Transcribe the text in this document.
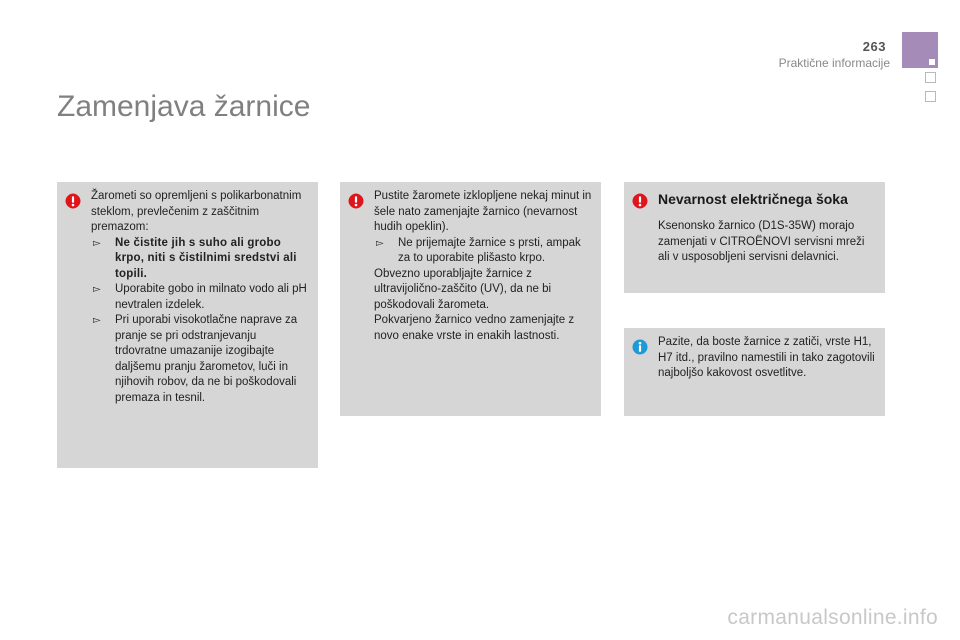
263
Praktične informacije
Zamenjava žarnice
Žarometi so opremljeni s polikarbonatnim steklom, prevlečenim z zaščitnim premazom:
▻ Ne čistite jih s suho ali grobo krpo, niti s čistilnimi sredstvi ali topili.
▻ Uporabite gobo in milnato vodo ali pH nevtralen izdelek.
▻ Pri uporabi visokotlačne naprave za pranje se pri odstranjevanju trdovratne umazanije izogibajte daljšemu pranju žarometov, luči in njihovih robov, da ne bi poškodovali premaza in tesnil.
Pustite žaromete izklopljene nekaj minut in šele nato zamenjajte žarnico (nevarnost hudih opeklin).
▻ Ne prijemajte žarnice s prsti, ampak za to uporabite plišasto krpo.
Obvezno uporabljajte žarnice z ultravijolično-zaščito (UV), da ne bi poškodovali žarometa.
Pokvarjeno žarnico vedno zamenjajte z novo enake vrste in enakih lastnosti.
Nevarnost električnega šoka
Ksenonsko žarnico (D1S-35W) morajo zamenjati v CITROËNOVI servisni mreži ali v usposobljeni servisni delavnici.
Pazite, da boste žarnice z zatiči, vrste H1, H7 itd., pravilno namestili in tako zagotovili najboljšo kakovost osvetlitve.
carmanualsonline.info
